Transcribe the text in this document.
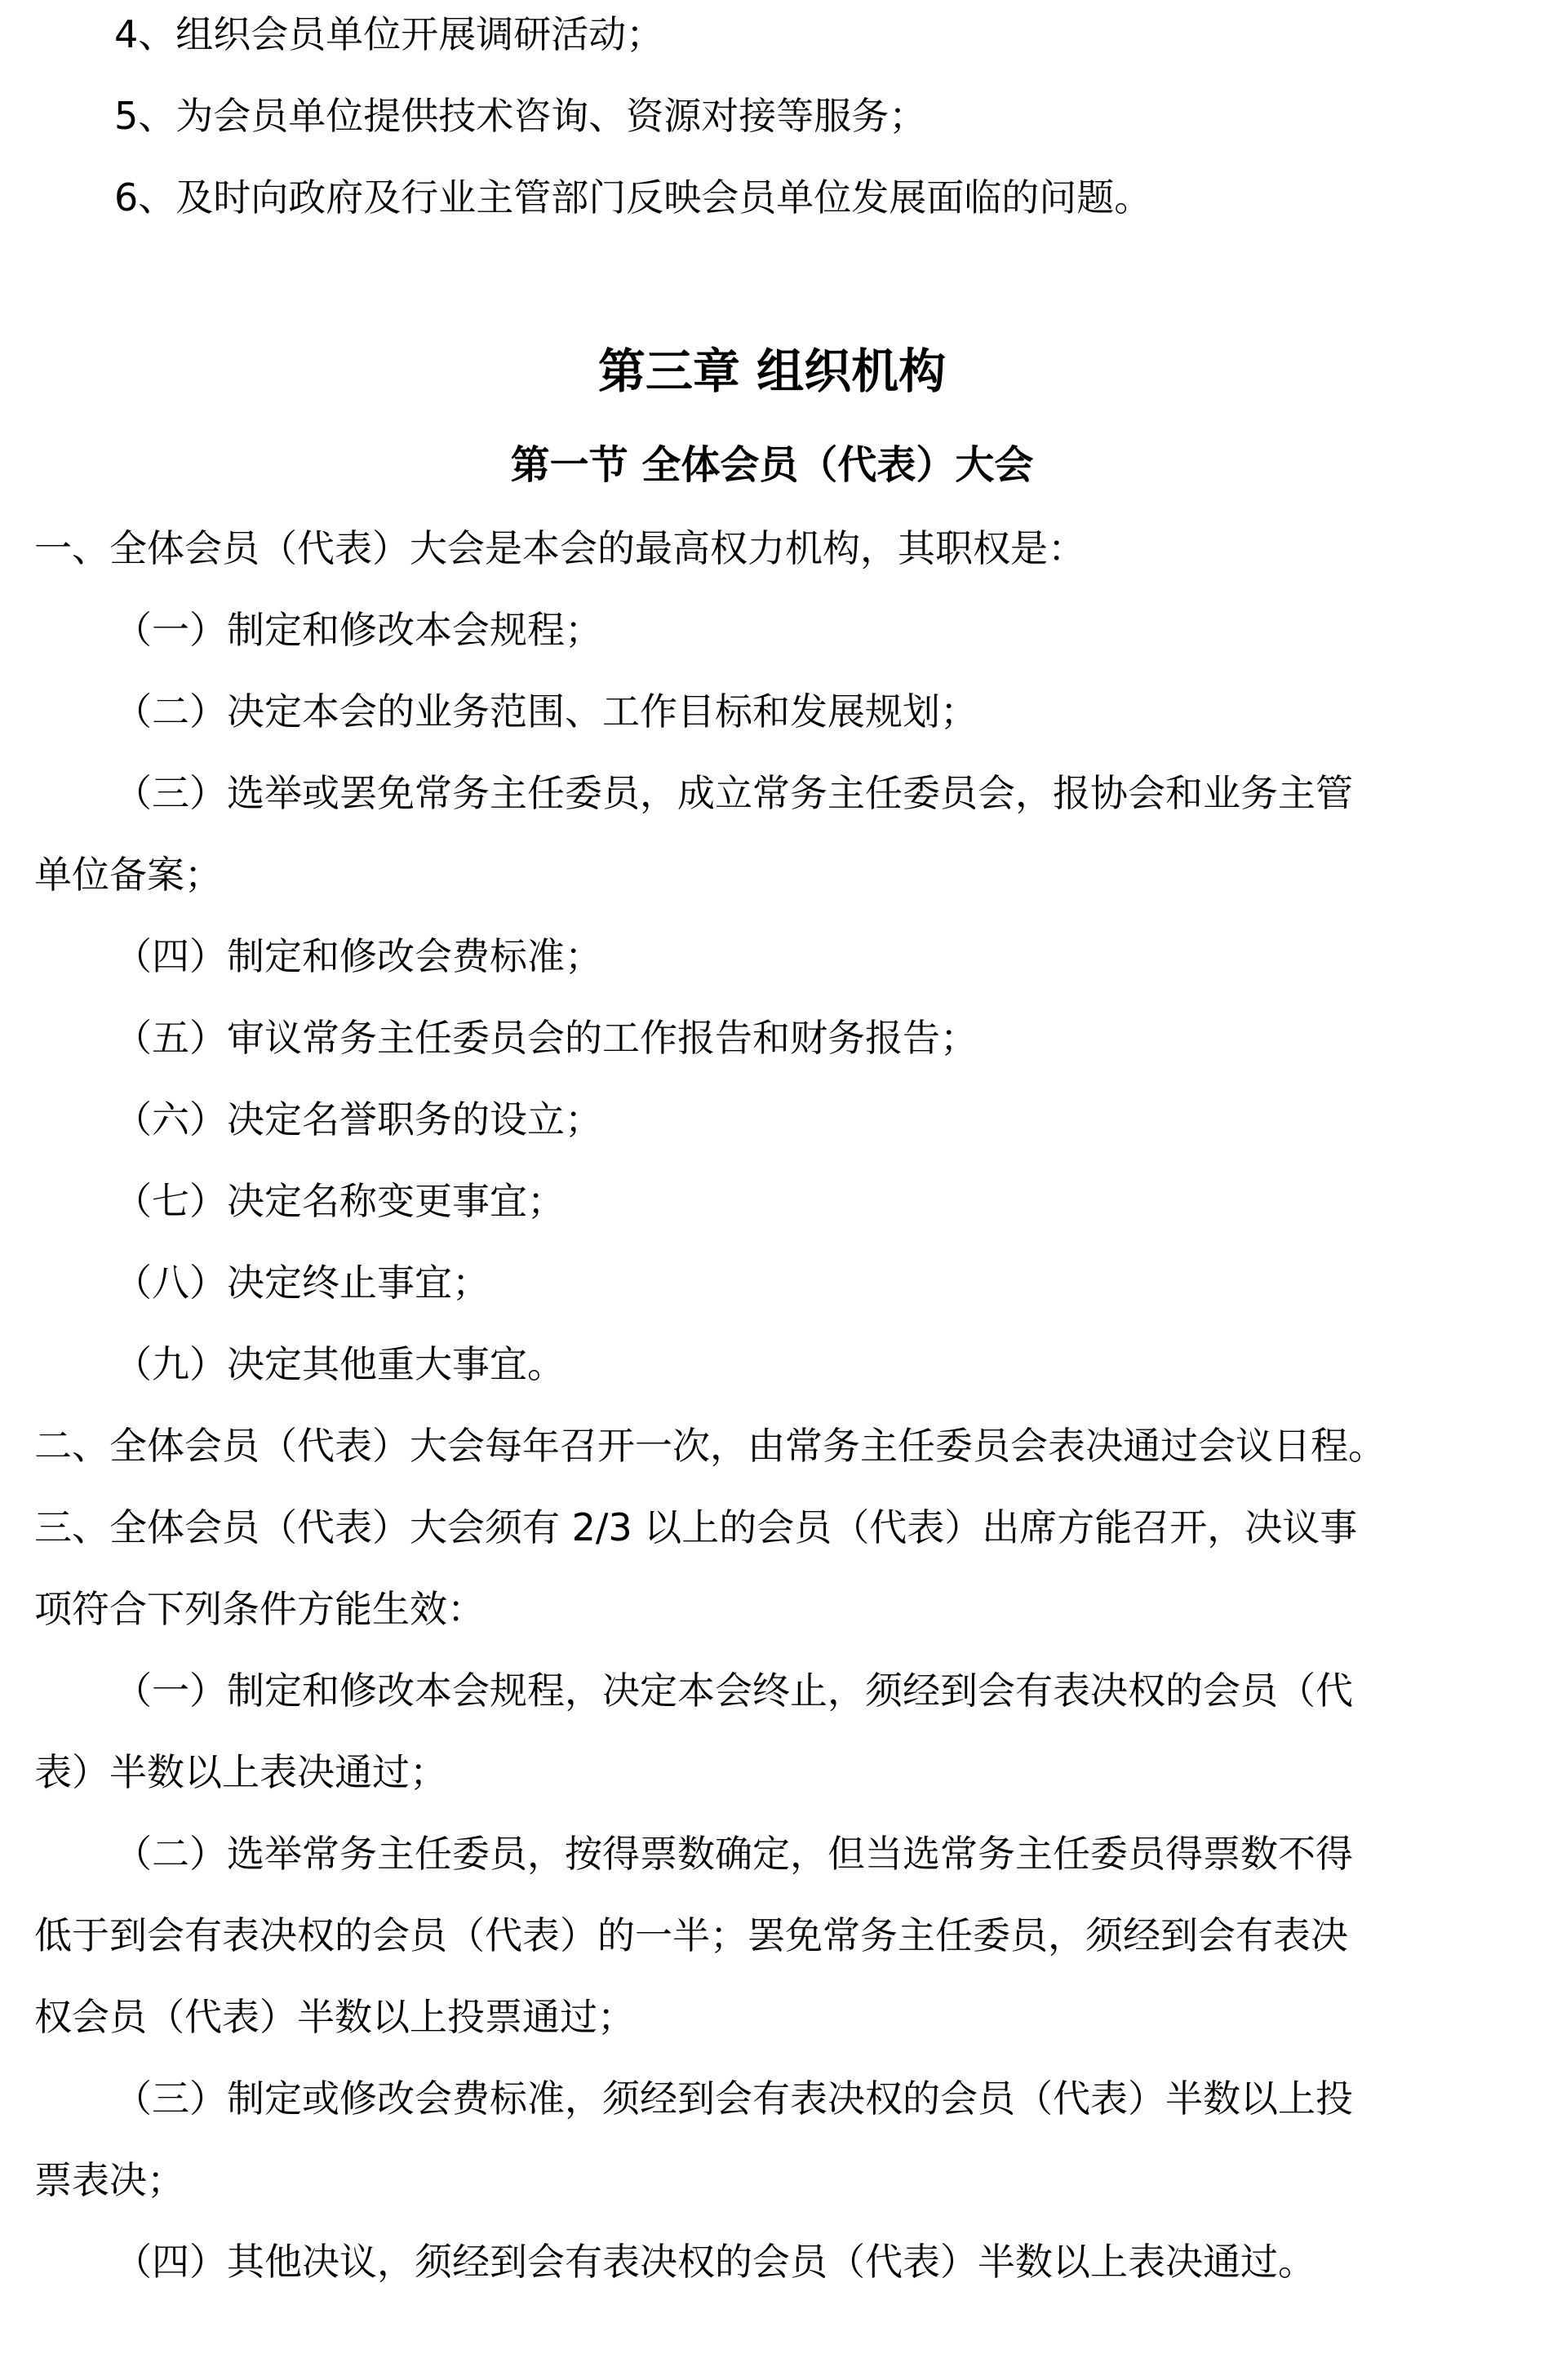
4、组织会员单位开展调研活动；
5、为会员单位提供技术咨询、资源对接等服务；
6、及时向政府及行业主管部门反映会员单位发展面临的问题。
第三章 组织机构
第一节 全体会员（代表）大会
一、全体会员（代表）大会是本会的最高权力机构，其职权是：
（一）制定和修改本会规程；
（二）决定本会的业务范围、工作目标和发展规划；
（三）选举或罢免常务主任委员，成立常务主任委员会，报协会和业务主管
单位备案；
（四）制定和修改会费标准；
（五）审议常务主任委员会的工作报告和财务报告；
（六）决定名誉职务的设立；
（七）决定名称变更事宜；
（八）决定终止事宜；
（九）决定其他重大事宜。
二、全体会员（代表）大会每年召开一次，由常务主任委员会表决通过会议日程。
三、全体会员（代表）大会须有 2/3 以上的会员（代表）出席方能召开，决议事
项符合下列条件方能生效：
（一）制定和修改本会规程，决定本会终止，须经到会有表决权的会员（代
表）半数以上表决通过；
（二）选举常务主任委员，按得票数确定，但当选常务主任委员得票数不得
低于到会有表决权的会员（代表）的一半；罢免常务主任委员，须经到会有表决
权会员（代表）半数以上投票通过；
（三）制定或修改会费标准，须经到会有表决权的会员（代表）半数以上投
票表决；
（四）其他决议，须经到会有表决权的会员（代表）半数以上表决通过。
